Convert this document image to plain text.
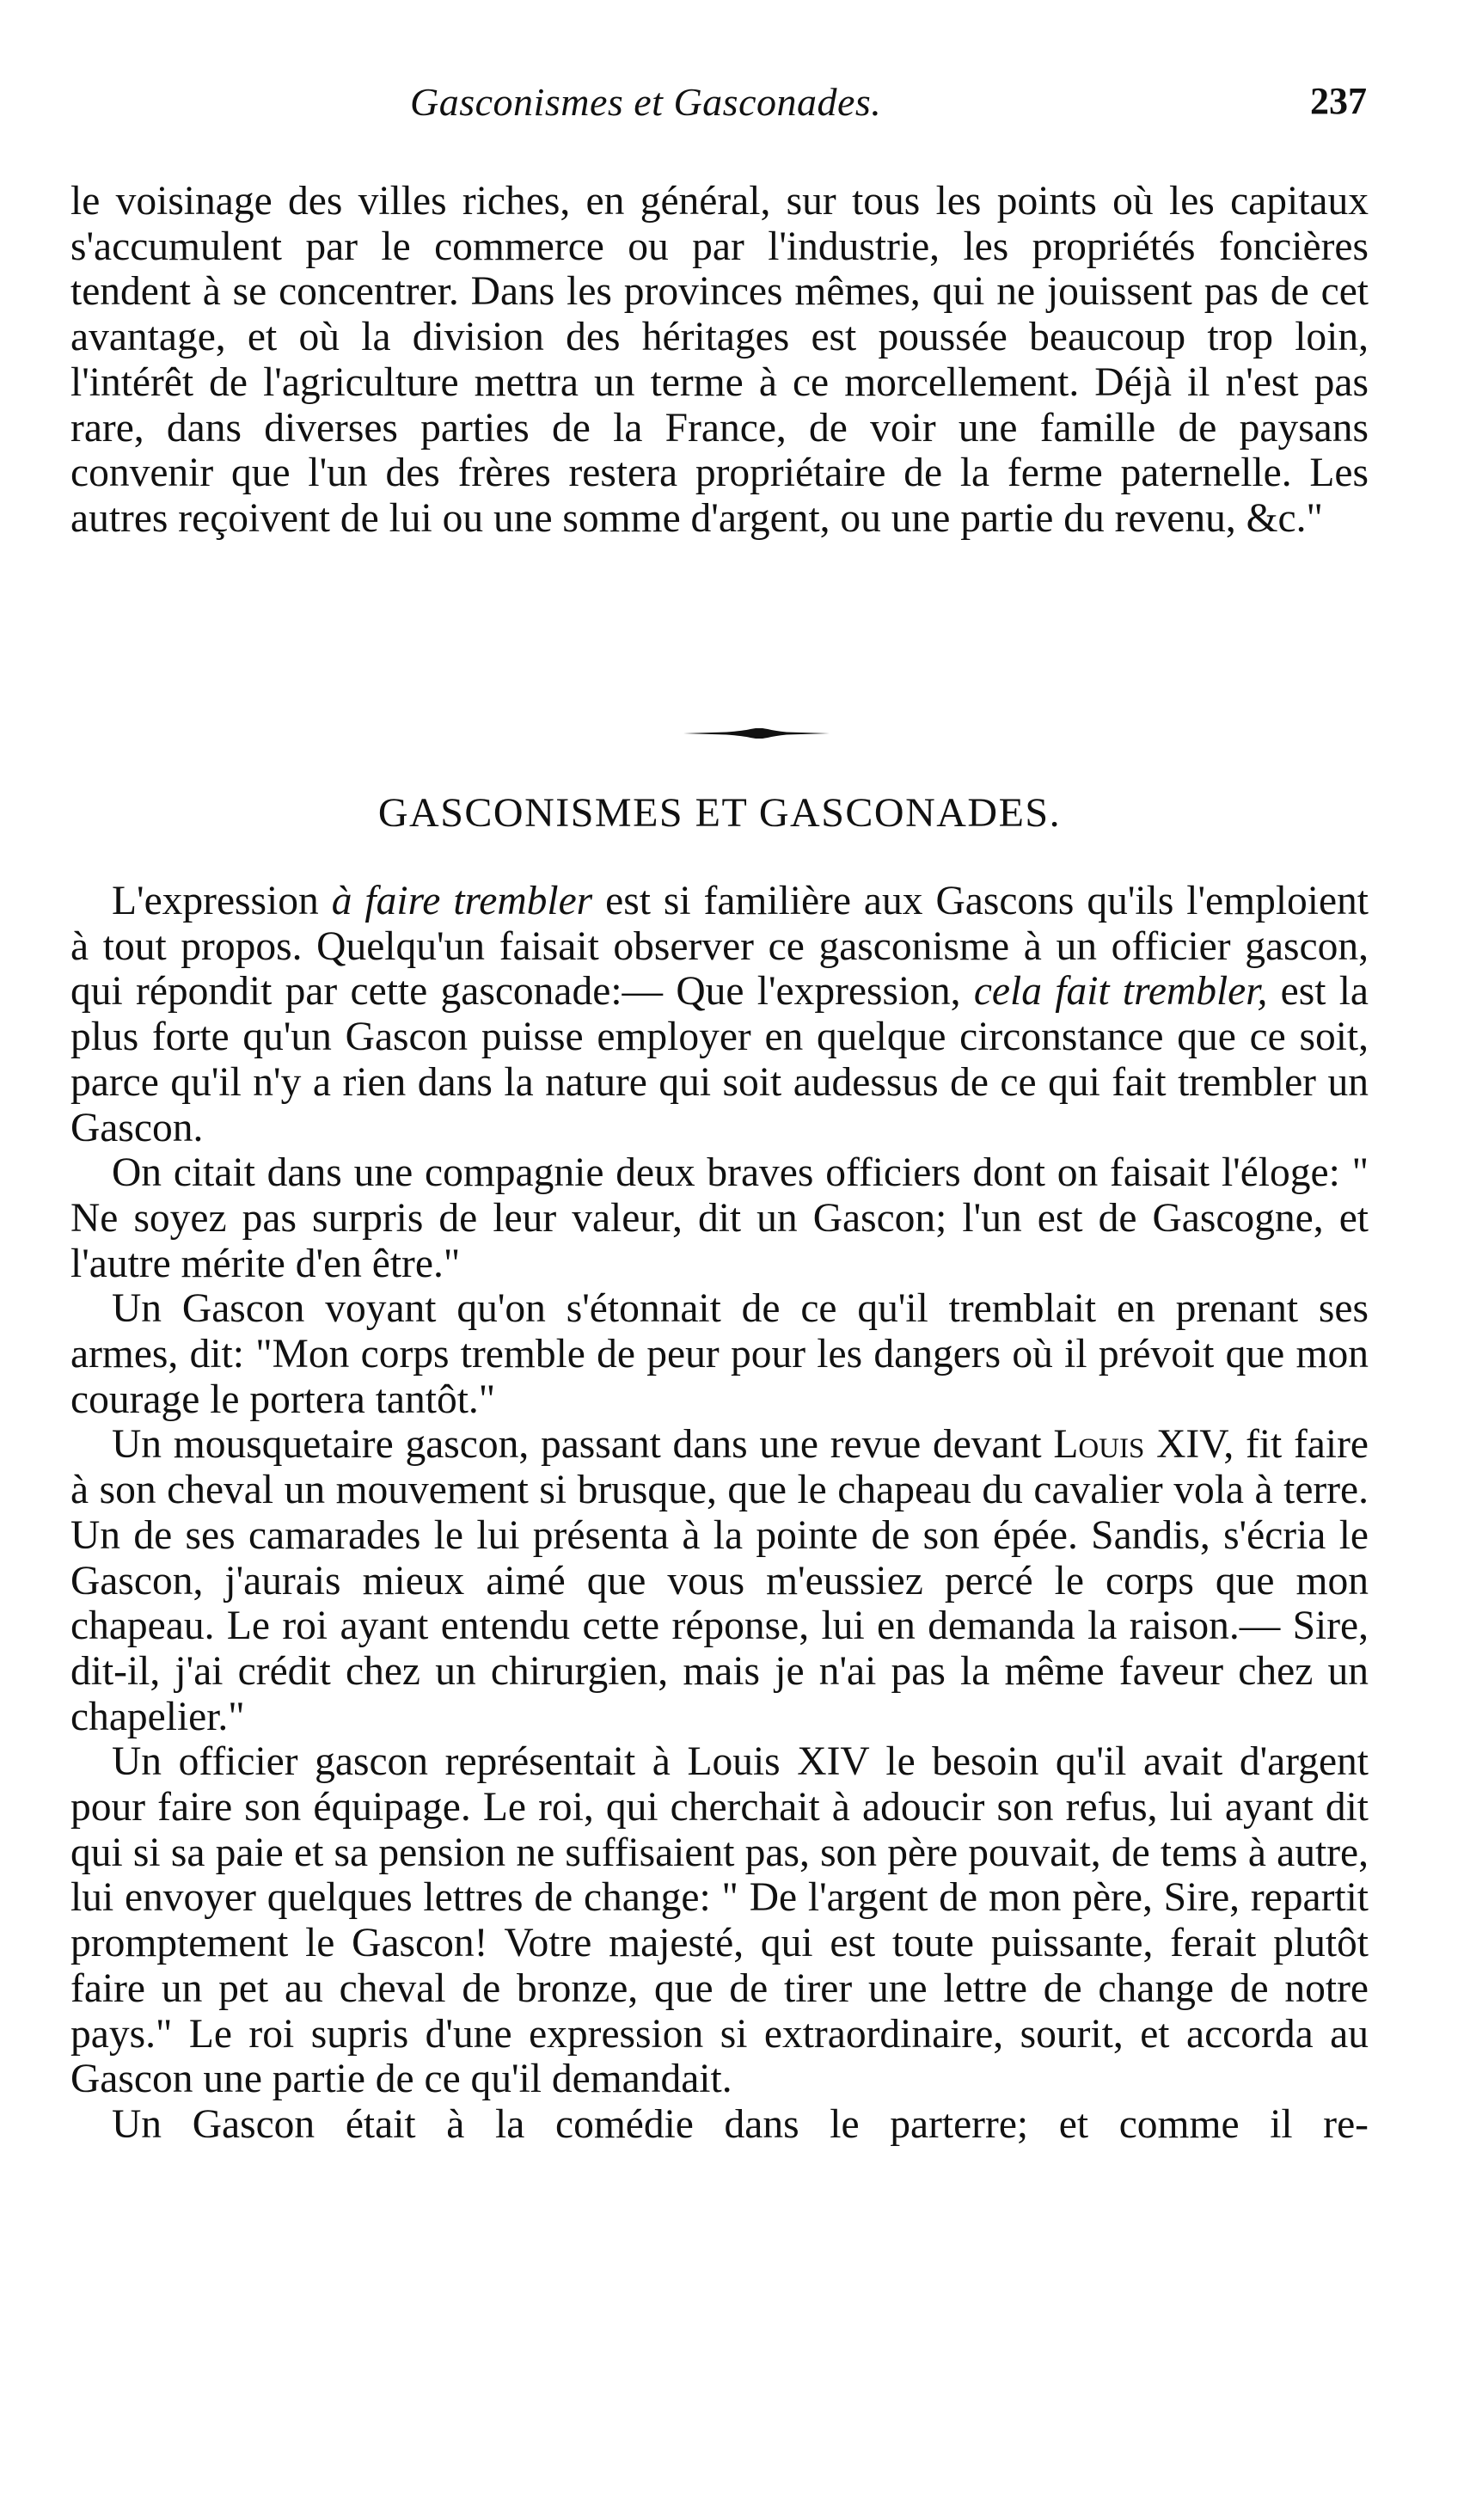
Gasconismes et Gasconades.	237

le voisinage des villes riches, en général, sur tous les points où les capitaux s'accumulent par le commerce ou par l'industrie, les propriétés foncières tendent à se concentrer. Dans les provinces mêmes, qui ne jouissent pas de cet avantage, et où la division des héritages est poussée beaucoup trop loin, l'intérêt de l'agriculture mettra un terme à ce morcellement. Déjà il n'est pas rare, dans diverses parties de la France, de voir une famille de paysans convenir que l'un des frères restera propriétaire de la ferme paternelle. Les autres reçoivent de lui ou une somme d'argent, ou une partie du revenu, &c."

GASCONISMES ET GASCONADES.

L'expression à faire trembler est si familière aux Gascons qu'ils l'emploient à tout propos. Quelqu'un faisait observer ce gasconisme à un officier gascon, qui répondit par cette gasconade:— Que l'expression, cela fait trembler, est la plus forte qu'un Gascon puisse employer en quelque circonstance que ce soit, parce qu'il n'y a rien dans la nature qui soit audessus de ce qui fait trembler un Gascon.

On citait dans une compagnie deux braves officiers dont on faisait l'éloge: " Ne soyez pas surpris de leur valeur, dit un Gascon; l'un est de Gascogne, et l'autre mérite d'en être."

Un Gascon voyant qu'on s'étonnait de ce qu'il tremblait en prenant ses armes, dit: "Mon corps tremble de peur pour les dangers où il prévoit que mon courage le portera tantôt."

Un mousquetaire gascon, passant dans une revue devant Louis XIV, fit faire à son cheval un mouvement si brusque, que le chapeau du cavalier vola à terre. Un de ses camarades le lui présenta à la pointe de son épée. Sandis, s'écria le Gascon, j'aurais mieux aimé que vous m'eussiez percé le corps que mon chapeau. Le roi ayant entendu cette réponse, lui en demanda la raison.— Sire, dit-il, j'ai crédit chez un chirurgien, mais je n'ai pas la même faveur chez un chapelier."

Un officier gascon représentait à Louis XIV le besoin qu'il avait d'argent pour faire son équipage. Le roi, qui cherchait à adoucir son refus, lui ayant dit qui si sa paie et sa pension ne suffisaient pas, son père pouvait, de tems à autre, lui envoyer quelques lettres de change: " De l'argent de mon père, Sire, repartit promptement le Gascon! Votre majesté, qui est toute puissante, ferait plutôt faire un pet au cheval de bronze, que de tirer une lettre de change de notre pays." Le roi supris d'une expression si extraordinaire, sourit, et accorda au Gascon une partie de ce qu'il demandait.

Un Gascon était à la comédie dans le parterre; et comme il re-
